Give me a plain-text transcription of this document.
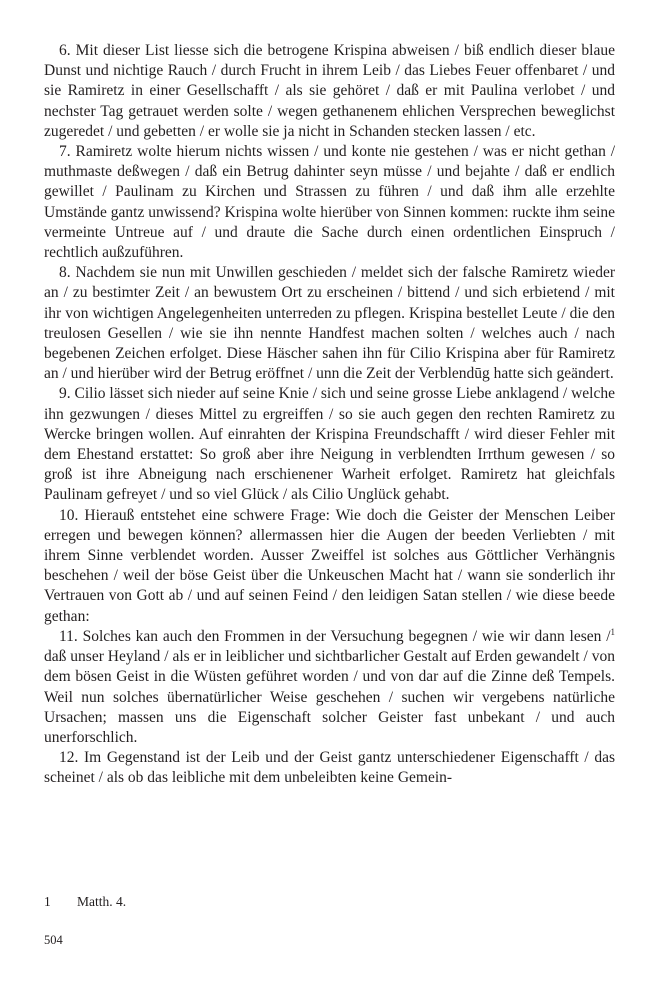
6. Mit dieser List liesse sich die betrogene Krispina abweisen / biß endlich dieser blaue Dunst und nichtige Rauch / durch Frucht in ihrem Leib / das Liebes Feuer offenbaret / und sie Ramiretz in einer Gesellschafft / als sie gehöret / daß er mit Paulina verlobet / und nechster Tag getrauet werden solte / wegen gethanenem ehlichen Versprechen beweglichst zugeredet / und gebetten / er wolle sie ja nicht in Schanden stecken lassen / etc.

7. Ramiretz wolte hierum nichts wissen / und konte nie gestehen / was er nicht gethan / muthmaste deßwegen / daß ein Betrug dahinter seyn müsse / und bejahte / daß er endlich gewillet / Paulinam zu Kirchen und Strassen zu führen / und daß ihm alle erzehlte Umstände gantz unwissend? Krispina wolte hierüber von Sinnen kommen: ruckte ihm seine vermeinte Untreue auf / und draute die Sache durch einen ordentlichen Einspruch / rechtlich außzuführen.

8. Nachdem sie nun mit Unwillen geschieden / meldet sich der falsche Ramiretz wieder an / zu bestimter Zeit / an bewustem Ort zu erscheinen / bittend / und sich erbietend / mit ihr von wichtigen Angelegenheiten unterreden zu pflegen. Krispina bestellet Leute / die den treulosen Gesellen / wie sie ihn nennte Handfest machen solten / welches auch / nach begebenen Zeichen erfolget. Diese Häscher sahen ihn für Cilio Krispina aber für Ramiretz an / und hierüber wird der Betrug eröffnet / unn die Zeit der Verblendūg hatte sich geändert.

9. Cilio lässet sich nieder auf seine Knie / sich und seine grosse Liebe anklagend / welche ihn gezwungen / dieses Mittel zu ergreiffen / so sie auch gegen den rechten Ramiretz zu Wercke bringen wollen. Auf einrahten der Krispina Freundschafft / wird dieser Fehler mit dem Ehestand erstattet: So groß aber ihre Neigung in verblendten Irrthum gewesen / so groß ist ihre Abneigung nach erschienener Warheit erfolget. Ramiretz hat gleichfals Paulinam gefreyet / und so viel Glück / als Cilio Unglück gehabt.

10. Hierauß entstehet eine schwere Frage: Wie doch die Geister der Menschen Leiber erregen und bewegen können? allermassen hier die Augen der beeden Verliebten / mit ihrem Sinne verblendet worden. Ausser Zweiffel ist solches aus Göttlicher Verhängnis beschehen / weil der böse Geist über die Unkeuschen Macht hat / wann sie sonderlich ihr Vertrauen von Gott ab / und auf seinen Feind / den leidigen Satan stellen / wie diese beede gethan:

11. Solches kan auch den Frommen in der Versuchung begegnen / wie wir dann lesen /$^1$ daß unser Heyland / als er in leiblicher und sichtbarlicher Gestalt auf Erden gewandelt / von dem bösen Geist in die Wüsten geführet worden / und von dar auf die Zinne deß Tempels. Weil nun solches übernatürlicher Weise geschehen / suchen wir vergebens natürliche Ursachen; massen uns die Eigenschaft solcher Geister fast unbekant / und auch unerforschlich.

12. Im Gegenstand ist der Leib und der Geist gantz unterschiedener Eigenschafft / das scheinet / als ob das leibliche mit dem unbeleibten keine Gemein-

1 Matth. 4.
504
